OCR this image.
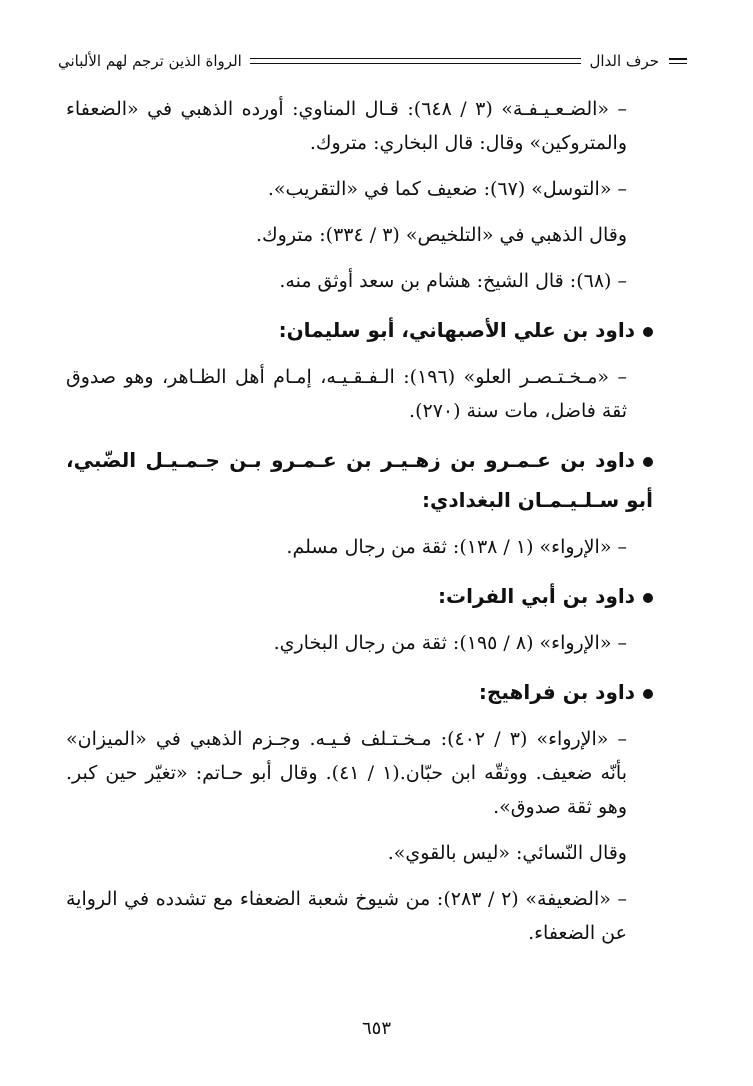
حرف الدال
الرواة الذين ترجم لهم الألباني

– «الضـعـيـفـة» (٣ / ٦٤٨): قـال المناوي: أورده الذهبي في «الضعفاء والمتروكين» وقال: قال البخاري: متروك.

– «التوسل» (٦٧): ضعيف كما في «التقريب».

وقال الذهبي في «التلخيص» (٣ / ٣٣٤): متروك.

– (٦٨): قال الشيخ: هشام بن سعد أوثق منه.

داود بن علي الأصبهاني، أبو سليمان:

– «مـخـتـصـر العلو» (١٩٦): الـفـقـيـه، إمـام أهل الظـاهر، وهو صدوق ثقة فاضل، مات سنة (٢٧٠).

داود بن عـمـرو بن زهـيـر بن عـمـرو بـن جـمـيـل الضّبي، أبو سـلـيـمـان البغدادي:

– «الإرواء» (١ / ١٣٨): ثقة من رجال مسلم.

داود بن أبي الفرات:

– «الإرواء» (٨ / ١٩٥): ثقة من رجال البخاري.

داود بن فراهيج:

– «الإرواء» (٣ / ٤٠٢): مـخـتـلف فـيـه. وجـزم الذهبي في «الميزان» بأنّه ضعيف. ووثقّه ابن حبّان.(١ / ٤١). وقال أبو حـاتم: «تغيّر حين كبر. وهو ثقة صدوق».

وقال النّسائي: «ليس بالقوي».

– «الضعيفة» (٢ / ٢٨٣): من شيوخ شعبة الضعفاء مع تشدده في الرواية عن الضعفاء.

٦٥٣
